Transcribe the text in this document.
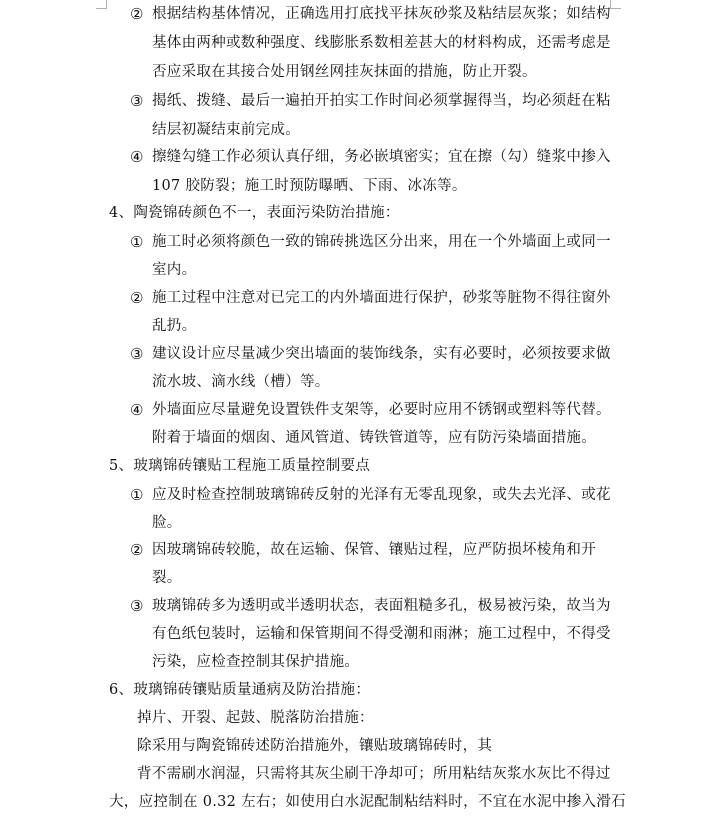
② 根据结构基体情况，正确选用打底找平抹灰砂浆及粘结层灰浆；如结构
基体由两种或数种强度、线膨胀系数相差甚大的材料构成，还需考虑是
否应采取在其接合处用钢丝网挂灰抹面的措施，防止开裂。
③ 揭纸、拨缝、最后一遍拍开拍实工作时间必须掌握得当，均必须赶在粘
结层初凝结束前完成。
④ 擦缝勾缝工作必须认真仔细，务必嵌填密实；宜在擦（勾）缝浆中掺入
107 胶防裂；施工时预防曝晒、下雨、冰冻等。
4、陶瓷锦砖颜色不一，表面污染防治措施：
① 施工时必须将颜色一致的锦砖挑选区分出来，用在一个外墙面上或同一
室内。
② 施工过程中注意对已完工的内外墙面进行保护，砂浆等脏物不得往窗外
乱扔。
③ 建议设计应尽量减少突出墙面的装饰线条，实有必要时，必须按要求做
流水坡、滴水线（槽）等。
④ 外墙面应尽量避免设置铁件支架等，必要时应用不锈钢或塑料等代替。
附着于墙面的烟囱、通风管道、铸铁管道等，应有防污染墙面措施。
5、玻璃锦砖镶贴工程施工质量控制要点
① 应及时检查控制玻璃锦砖反射的光泽有无零乱现象，或失去光泽、或花
脸。
② 因玻璃锦砖较脆，故在运输、保管、镶贴过程，应严防损坏棱角和开
裂。
③ 玻璃锦砖多为透明或半透明状态，表面粗糙多孔，极易被污染，故当为
有色纸包装时，运输和保管期间不得受潮和雨淋；施工过程中，不得受
污染，应检查控制其保护措施。
6、玻璃锦砖镶贴质量通病及防治措施：
掉片、开裂、起鼓、脱落防治措施：
除采用与陶瓷锦砖述防治措施外，镶贴玻璃锦砖时，其
背不需刷水润湿，只需将其灰尘刷干净却可；所用粘结灰浆水灰比不得过
大，应控制在 0.32 左右；如使用白水泥配制粘结料时，不宜在水泥中掺入滑石
